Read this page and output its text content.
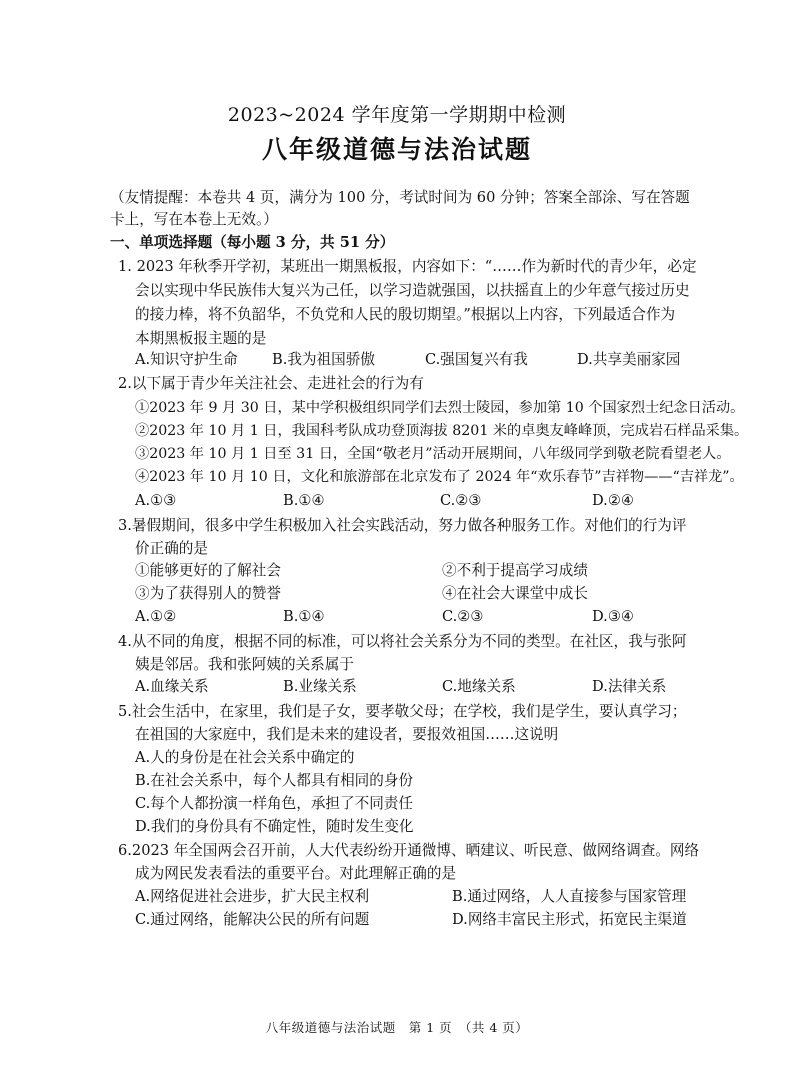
2023~2024 学年度第一学期期中检测
八年级道德与法治试题
（友情提醒：本卷共 4 页，满分为 100 分，考试时间为 60 分钟；答案全部涂、写在答题
卡上，写在本卷上无效。）
一、单项选择题（每小题 3 分，共 51 分）
1. 2023 年秋季开学初，某班出一期黑板报，内容如下：“……作为新时代的青少年，必定
会以实现中华民族伟大复兴为己任，以学习造就强国，以扶摇直上的少年意气接过历史
的接力棒，将不负韶华，不负党和人民的殷切期望。”根据以上内容，下列最适合作为
本期黑板报主题的是
A.知识守护生命 B.我为祖国骄傲	C.强国复兴有我	D.共享美丽家园
2.以下属于青少年关注社会、走进社会的行为有
①2023 年 9 月 30 日，某中学积极组织同学们去烈士陵园，参加第 10 个国家烈士纪念日活动。
②2023 年 10 月 1 日，我国科考队成功登顶海拔 8201 米的卓奥友峰峰顶，完成岩石样品采集。
③2023 年 10 月 1 日至 31 日，全国“敬老月”活动开展期间，八年级同学到敬老院看望老人。
④2023 年 10 月 10 日，文化和旅游部在北京发布了 2024 年“欢乐春节”吉祥物——“吉祥龙”。
A.①③	B.①④	C.②③	D.②④
3.暑假期间，很多中学生积极加入社会实践活动，努力做各种服务工作。对他们的行为评
价正确的是
①能够更好的了解社会	②不利于提高学习成绩
③为了获得别人的赞誉	④在社会大课堂中成长
A.①②	B.①④	C.②③	D.③④
4.从不同的角度，根据不同的标准，可以将社会关系分为不同的类型。在社区，我与张阿
姨是邻居。我和张阿姨的关系属于
A.血缘关系	B.业缘关系	C.地缘关系	D.法律关系
5.社会生活中，在家里，我们是子女，要孝敬父母；在学校，我们是学生，要认真学习；
在祖国的大家庭中，我们是未来的建设者，要报效祖国……这说明
A.人的身份是在社会关系中确定的
B.在社会关系中，每个人都具有相同的身份
C.每个人都扮演一样角色，承担了不同责任
D.我们的身份具有不确定性，随时发生变化
6.2023 年全国两会召开前，人大代表纷纷开通微博、晒建议、听民意、做网络调查。网络
成为网民发表看法的重要平台。对此理解正确的是
A.网络促进社会进步，扩大民主权利	B.通过网络，人人直接参与国家管理
C.通过网络，能解决公民的所有问题	D.网络丰富民主形式，拓宽民主渠道
八年级道德与法治试题　第 1 页　（共 4 页）
